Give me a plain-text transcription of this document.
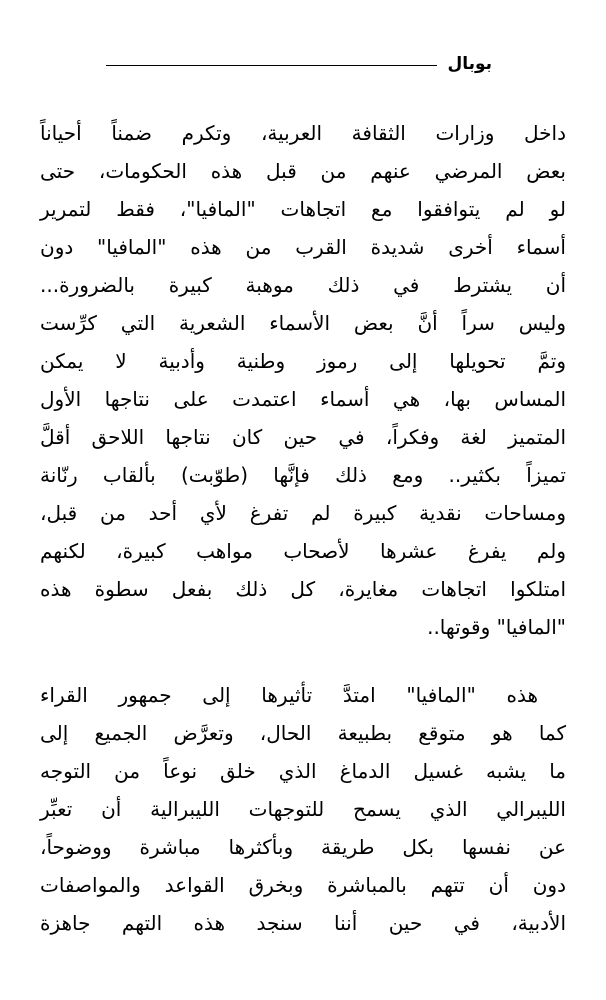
بوبال
داخل وزارات الثقافة العربية، وتكرم ضمناً أحياناً
بعض المرضي عنهم من قبل هذه الحكومات، حتى
لو لم يتوافقوا مع اتجاهات "المافيا"، فقط لتمرير
أسماء أخرى شديدة القرب من هذه "المافيا" دون
أن يشترط في ذلك موهبة كبيرة بالضرورة...
وليس سراً أنَّ بعض الأسماء الشعرية التي كرِّست
وتمَّ تحويلها إلى رموز وطنية وأدبية لا يمكن
المساس بها، هي أسماء اعتمدت على نتاجها الأول
المتميز لغة وفكراً، في حين كان نتاجها اللاحق أقلَّ
تميزاً بكثير.. ومع ذلك فإنَّها (طوّبت) بألقاب رنّانة
ومساحات نقدية كبيرة لم تفرغ لأي أحد من قبل،
ولم يفرغ عشرها لأصحاب مواهب كبيرة، لكنهم
امتلكوا اتجاهات مغايرة، كل ذلك بفعل سطوة هذه
"المافيا" وقوتها..
هذه "المافيا" امتدَّ تأثيرها إلى جمهور القراء
كما هو متوقع بطبيعة الحال، وتعرَّض الجميع إلى
ما يشبه غسيل الدماغ الذي خلق نوعاً من التوجه
الليبرالي الذي يسمح للتوجهات الليبرالية أن تعبِّر
عن نفسها بكل طريقة وبأكثرها مباشرة ووضوحاً،
دون أن تتهم بالمباشرة وبخرق القواعد والمواصفات
الأدبية، في حين أننا سنجد هذه التهم جاهزة
